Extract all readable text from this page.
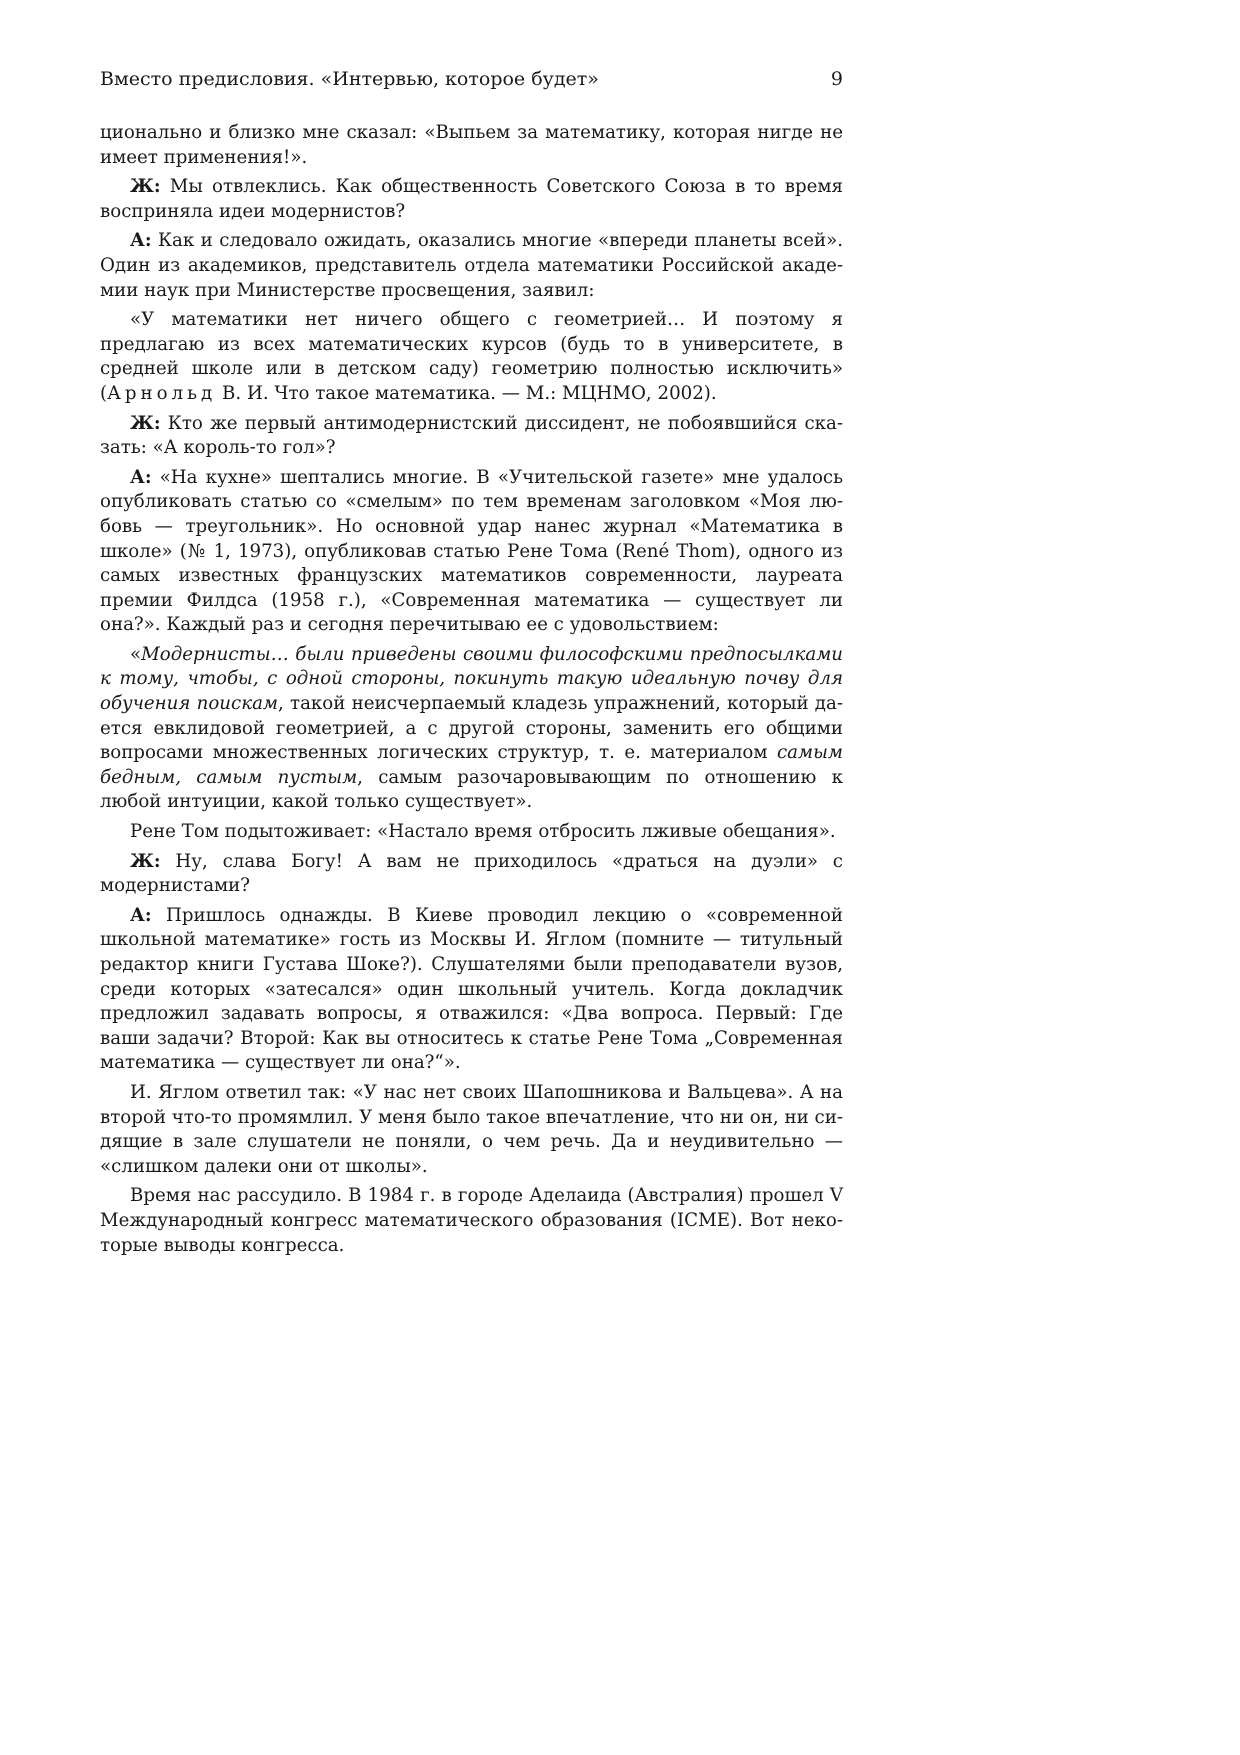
Вместо предисловия. «Интервью, которое будет»	9

ционально и близко мне сказал: «Выпьем за математику, которая нигде не имеет применения!».

Ж: Мы отвлеклись. Как общественность Советского Союза в то время восприняла идеи модернистов?

А: Как и следовало ожидать, оказались многие «впереди планеты всей». Один из академиков, представитель отдела математики Российской академии наук при Министерстве просвещения, заявил:

«У математики нет ничего общего с геометрией… И поэтому я предлагаю из всех математических курсов (будь то в университете, в средней школе или в детском саду) геометрию полностью исключить» (Арнольд В. И. Что такое математика. — М.: МЦНМО, 2002).

Ж: Кто же первый антимодернистский диссидент, не побоявшийся сказать: «А король-то гол»?

А: «На кухне» шептались многие. В «Учительской газете» мне удалось опубликовать статью со «смелым» по тем временам заголовком «Моя любовь — треугольник». Но основной удар нанес журнал «Математика в школе» (№ 1, 1973), опубликовав статью Рене Тома (René Thom), одного из самых известных французских математиков современности, лауреата премии Филдса (1958 г.), «Современная математика — существует ли она?». Каждый раз и сегодня перечитываю ее с удовольствием:

«Модернисты… были приведены своими философскими предпосылками к тому, чтобы, с одной стороны, покинуть такую идеальную почву для обучения поискам, такой неисчерпаемый кладезь упражнений, который дается евклидовой геометрией, а с другой стороны, заменить его общими вопросами множественных логических структур, т. е. материалом самым бедным, самым пустым, самым разочаровывающим по отношению к любой интуиции, какой только существует».

Рене Том подытоживает: «Настало время отбросить лживые обещания».

Ж: Ну, слава Богу! А вам не приходилось «драться на дуэли» с модернистами?

А: Пришлось однажды. В Киеве проводил лекцию о «современной школьной математике» гость из Москвы И. Яглом (помните — титульный редактор книги Густава Шоке?). Слушателями были преподаватели вузов, среди которых «затесался» один школьный учитель. Когда докладчик предложил задавать вопросы, я отважился: «Два вопроса. Первый: Где ваши задачи? Второй: Как вы относитесь к статье Рене Тома „Современная математика — существует ли она?“».

И. Яглом ответил так: «У нас нет своих Шапошникова и Вальцева». А на второй что-то промямлил. У меня было такое впечатление, что ни он, ни сидящие в зале слушатели не поняли, о чем речь. Да и неудивительно — «слишком далеки они от школы».

Время нас рассудило. В 1984 г. в городе Аделаида (Австралия) прошел V Международный конгресс математического образования (ICME). Вот некоторые выводы конгресса.
